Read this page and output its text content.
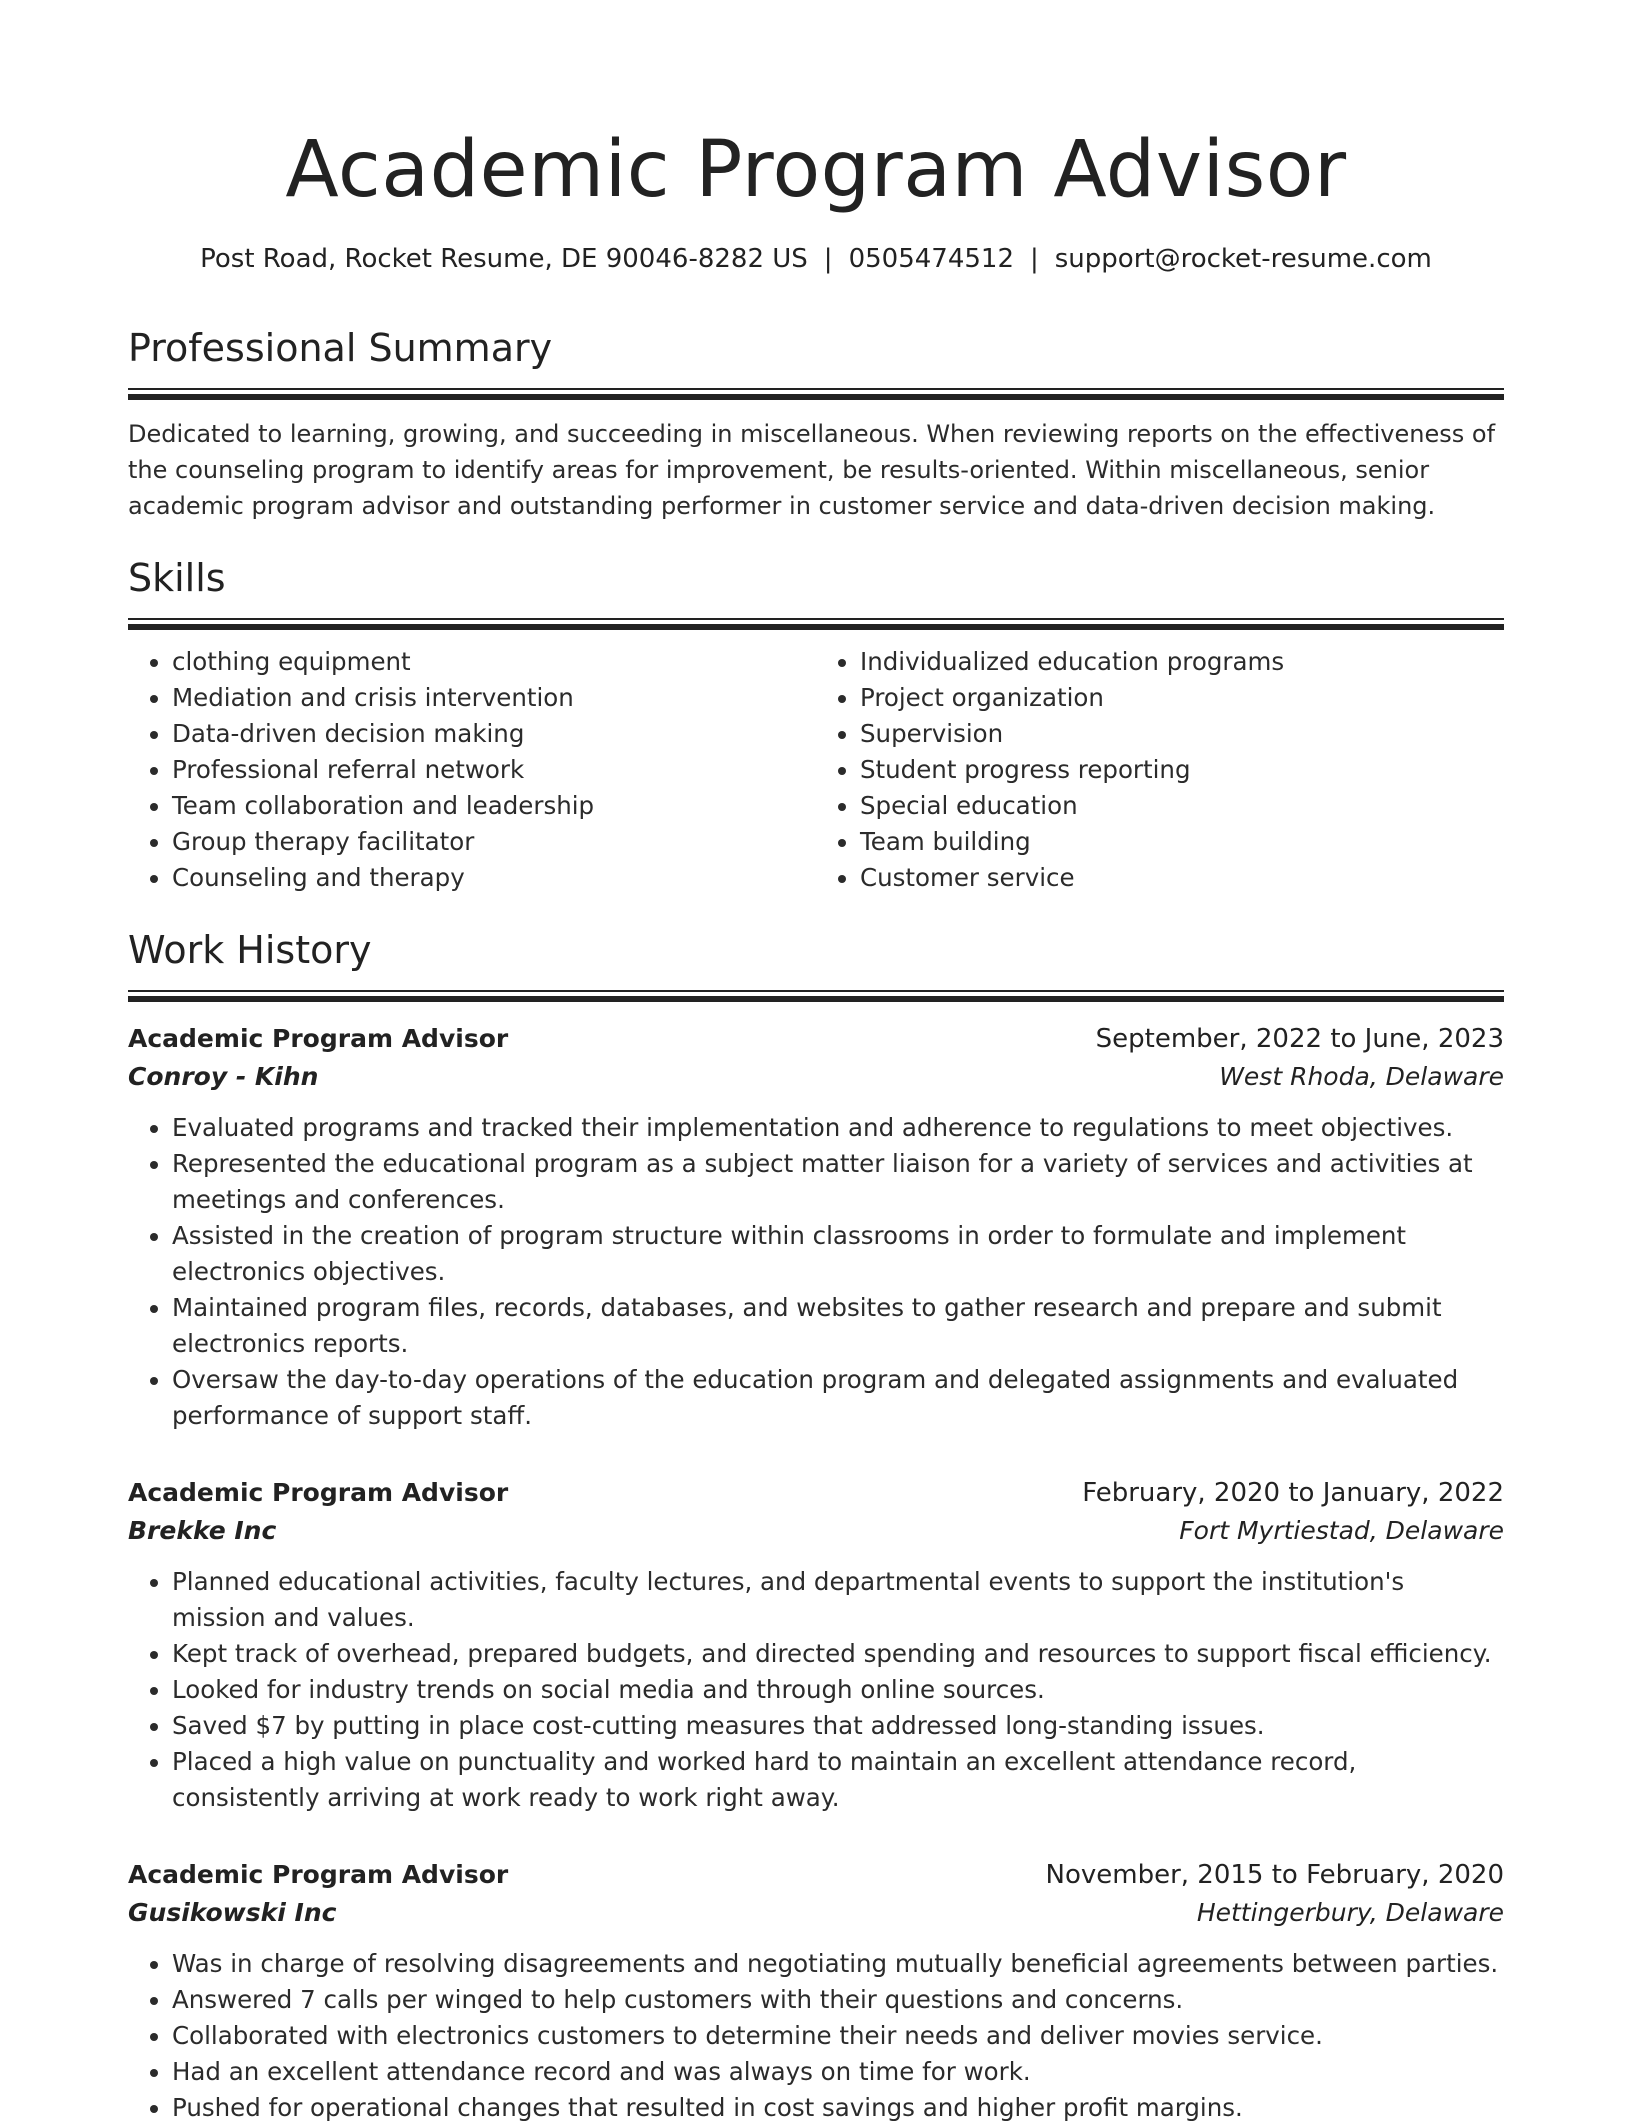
Academic Program Advisor
Post Road, Rocket Resume, DE 90046-8282 US | 0505474512 | support@rocket-resume.com
Professional Summary

Dedicated to learning, growing, and succeeding in miscellaneous. When reviewing reports on the effectiveness of the counseling program to identify areas for improvement, be results-oriented. Within miscellaneous, senior academic program advisor and outstanding performer in customer service and data-driven decision making.

Skills
• clothing equipment
• Mediation and crisis intervention
• Data-driven decision making
• Professional referral network
• Team collaboration and leadership
• Group therapy facilitator
• Counseling and therapy
• Individualized education programs
• Project organization
• Supervision
• Student progress reporting
• Special education
• Team building
• Customer service
Work History
Academic Program Advisor	September, 2022 to June, 2023
Conroy - Kihn	West Rhoda, Delaware
• Evaluated programs and tracked their implementation and adherence to regulations to meet objectives.
• Represented the educational program as a subject matter liaison for a variety of services and activities at meetings and conferences.
• Assisted in the creation of program structure within classrooms in order to formulate and implement electronics objectives.
• Maintained program files, records, databases, and websites to gather research and prepare and submit electronics reports.
• Oversaw the day-to-day operations of the education program and delegated assignments and evaluated performance of support staff.
Academic Program Advisor	February, 2020 to January, 2022
Brekke Inc	Fort Myrtiestad, Delaware
• Planned educational activities, faculty lectures, and departmental events to support the institution's mission and values.
• Kept track of overhead, prepared budgets, and directed spending and resources to support fiscal efficiency.
• Looked for industry trends on social media and through online sources.
• Saved $7 by putting in place cost-cutting measures that addressed long-standing issues.
• Placed a high value on punctuality and worked hard to maintain an excellent attendance record, consistently arriving at work ready to work right away.
Academic Program Advisor	November, 2015 to February, 2020
Gusikowski Inc	Hettingerbury, Delaware
• Was in charge of resolving disagreements and negotiating mutually beneficial agreements between parties.
• Answered 7 calls per winged to help customers with their questions and concerns.
• Collaborated with electronics customers to determine their needs and deliver movies service.
• Had an excellent attendance record and was always on time for work.
• Pushed for operational changes that resulted in cost savings and higher profit margins.
